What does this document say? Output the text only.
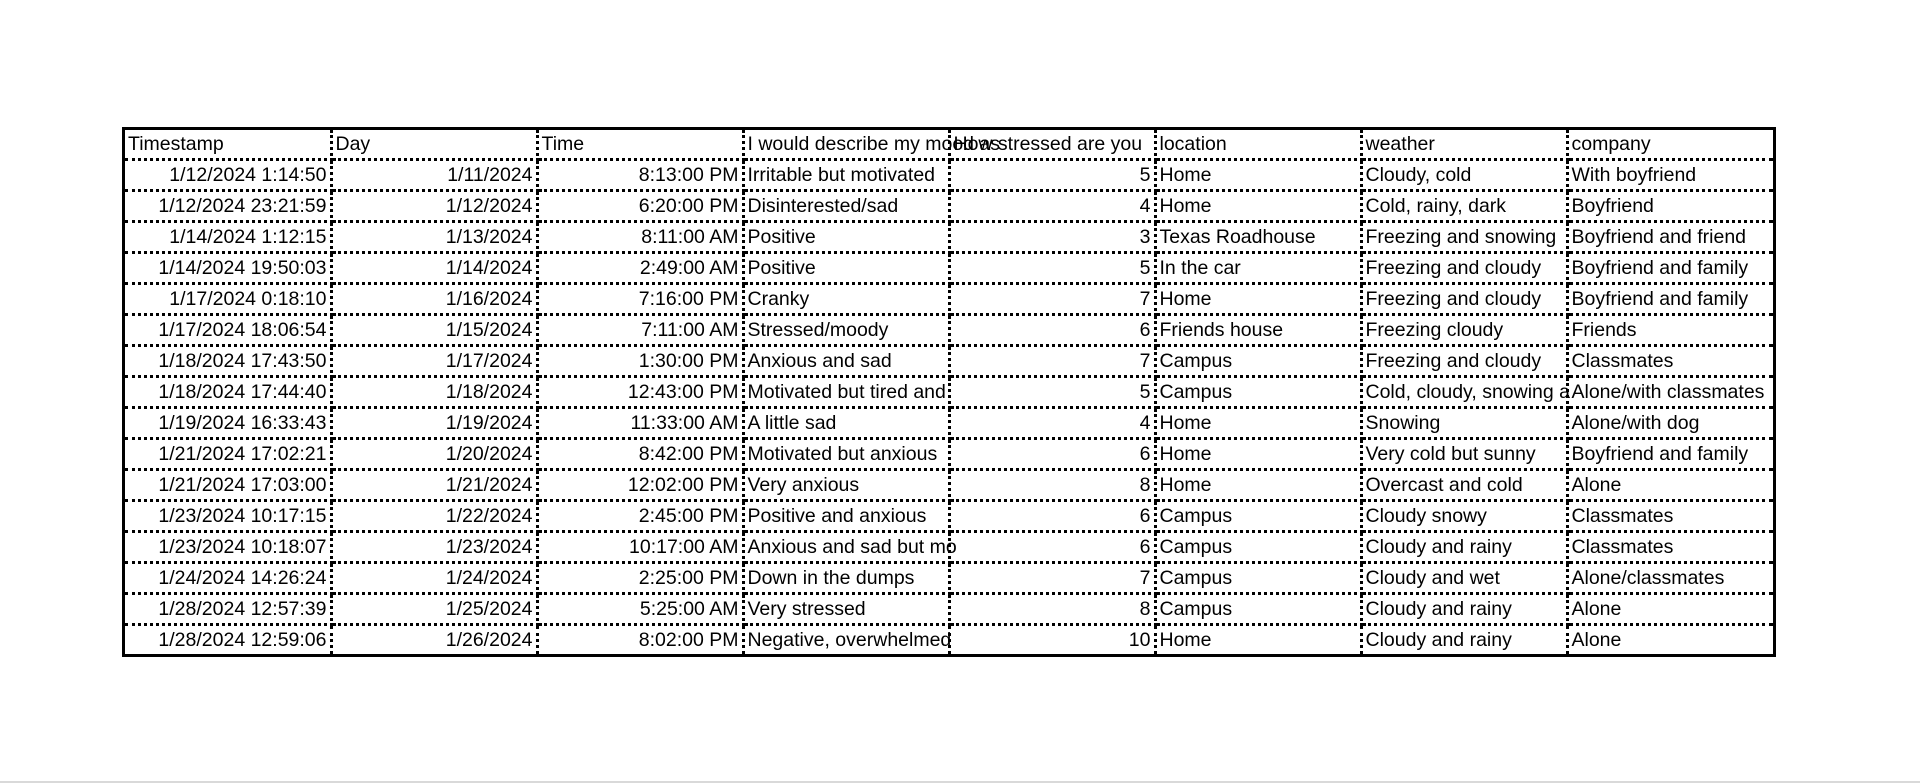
Timestamp	Day	Time	I would describe my mood as	How stressed are you	location	weather	company
1/12/2024 1:14:50	1/11/2024	8:13:00 PM	Irritable but motivated	5	Home	Cloudy, cold	With boyfriend
1/12/2024 23:21:59	1/12/2024	6:20:00 PM	Disinterested/sad	4	Home	Cold, rainy, dark	Boyfriend
1/14/2024 1:12:15	1/13/2024	8:11:00 AM	Positive	3	Texas Roadhouse	Freezing and snowing	Boyfriend and friend
1/14/2024 19:50:03	1/14/2024	2:49:00 AM	Positive	5	In the car	Freezing and cloudy	Boyfriend and family
1/17/2024 0:18:10	1/16/2024	7:16:00 PM	Cranky	7	Home	Freezing and cloudy	Boyfriend and family
1/17/2024 18:06:54	1/15/2024	7:11:00 AM	Stressed/moody	6	Friends house	Freezing cloudy	Friends
1/18/2024 17:43:50	1/17/2024	1:30:00 PM	Anxious and sad	7	Campus	Freezing and cloudy	Classmates
1/18/2024 17:44:40	1/18/2024	12:43:00 PM	Motivated but tired and	5	Campus	Cold, cloudy, snowing a	Alone/with classmates
1/19/2024 16:33:43	1/19/2024	11:33:00 AM	A little sad	4	Home	Snowing	Alone/with dog
1/21/2024 17:02:21	1/20/2024	8:42:00 PM	Motivated but anxious	6	Home	Very cold but sunny	Boyfriend and family
1/21/2024 17:03:00	1/21/2024	12:02:00 PM	Very anxious	8	Home	Overcast and cold	Alone
1/23/2024 10:17:15	1/22/2024	2:45:00 PM	Positive and anxious	6	Campus	Cloudy snowy	Classmates
1/23/2024 10:18:07	1/23/2024	10:17:00 AM	Anxious and sad but mo	6	Campus	Cloudy and rainy	Classmates
1/24/2024 14:26:24	1/24/2024	2:25:00 PM	Down in the dumps	7	Campus	Cloudy and wet	Alone/classmates
1/28/2024 12:57:39	1/25/2024	5:25:00 AM	Very stressed	8	Campus	Cloudy and rainy	Alone
1/28/2024 12:59:06	1/26/2024	8:02:00 PM	Negative, overwhelmed	10	Home	Cloudy and rainy	Alone
